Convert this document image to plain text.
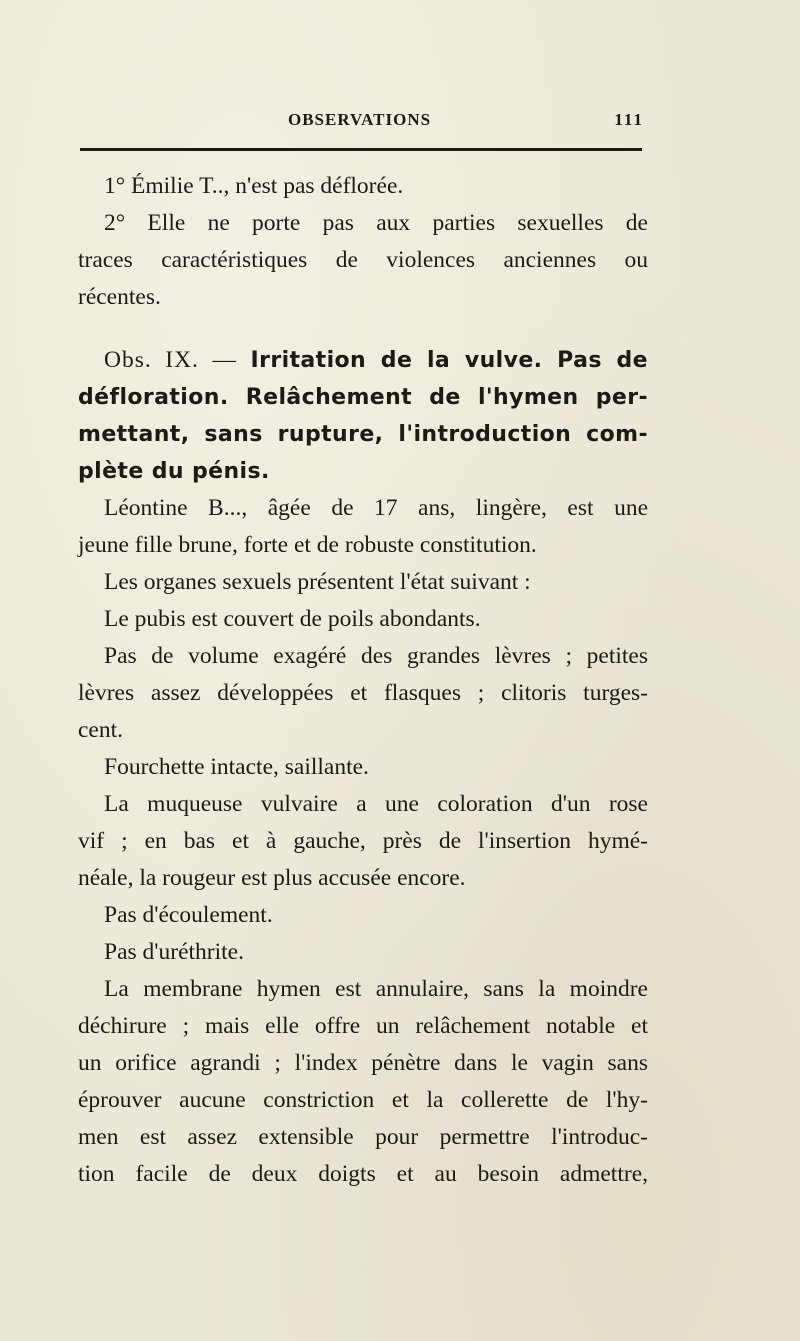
OBSERVATIONS	111
1° Émilie T.., n'est pas déflorée.
2° Elle ne porte pas aux parties sexuelles de
traces caractéristiques de violences anciennes ou
récentes.
Obs. IX. — Irritation de la vulve. Pas de
défloration. Relâchement de l'hymen per-
mettant, sans rupture, l'introduction com-
plète du pénis.
Léontine B..., âgée de 17 ans, lingère, est une
jeune fille brune, forte et de robuste constitution.
Les organes sexuels présentent l'état suivant :
Le pubis est couvert de poils abondants.
Pas de volume exagéré des grandes lèvres ; petites
lèvres assez développées et flasques ; clitoris turges-
cent.
Fourchette intacte, saillante.
La muqueuse vulvaire a une coloration d'un rose
vif ; en bas et à gauche, près de l'insertion hymé-
néale, la rougeur est plus accusée encore.
Pas d'écoulement.
Pas d'uréthrite.
La membrane hymen est annulaire, sans la moindre
déchirure ; mais elle offre un relâchement notable et
un orifice agrandi ; l'index pénètre dans le vagin sans
éprouver aucune constriction et la collerette de l'hy-
men est assez extensible pour permettre l'introduc-
tion facile de deux doigts et au besoin admettre,
